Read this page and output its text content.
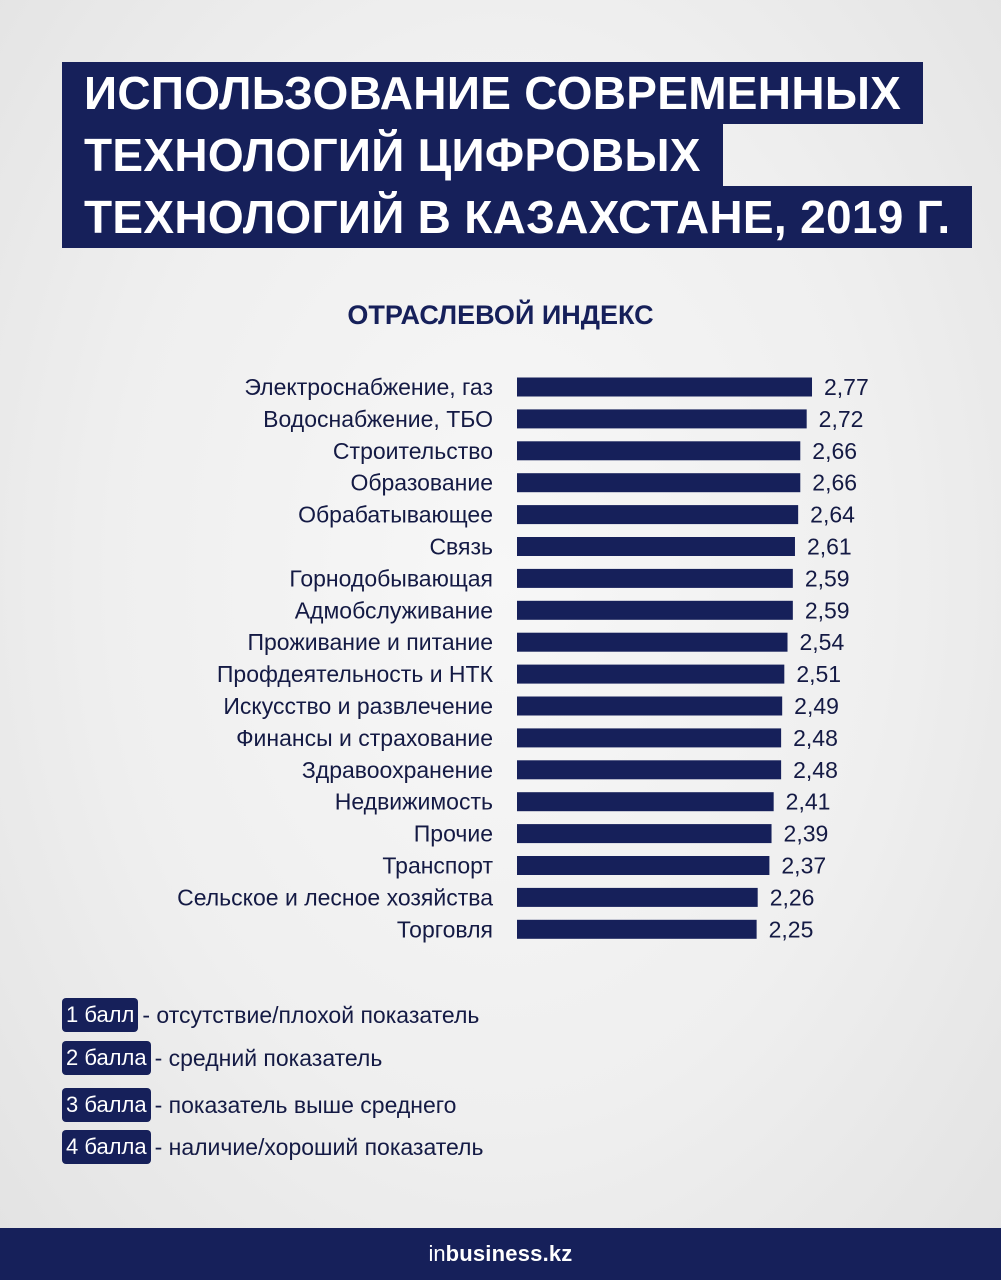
ИСПОЛЬЗОВАНИЕ СОВРЕМЕННЫХ
ТЕХНОЛОГИЙ ЦИФРОВЫХ
ТЕХНОЛОГИЙ В КАЗАХСТАНЕ, 2019 Г.
ОТРАСЛЕВОЙ ИНДЕКС
Электроснабжение, газ	2,77
Водоснабжение, ТБО	2,72
Строительство	2,66
Образование	2,66
Обрабатывающее	2,64
Связь	2,61
Горнодобывающая	2,59
Адмобслуживание	2,59
Проживание и питание	2,54
Профдеятельность и НТК	2,51
Искусство и развлечение	2,49
Финансы и страхование	2,48
Здравоохранение	2,48
Недвижимость	2,41
Прочие	2,39
Транспорт	2,37
Сельское и лесное хозяйства	2,26
Торговля	2,25
1 балл - отсутствие/плохой показатель
2 балла - средний показатель
3 балла - показатель выше среднего
4 балла - наличие/хороший показатель
inbusiness.kz
